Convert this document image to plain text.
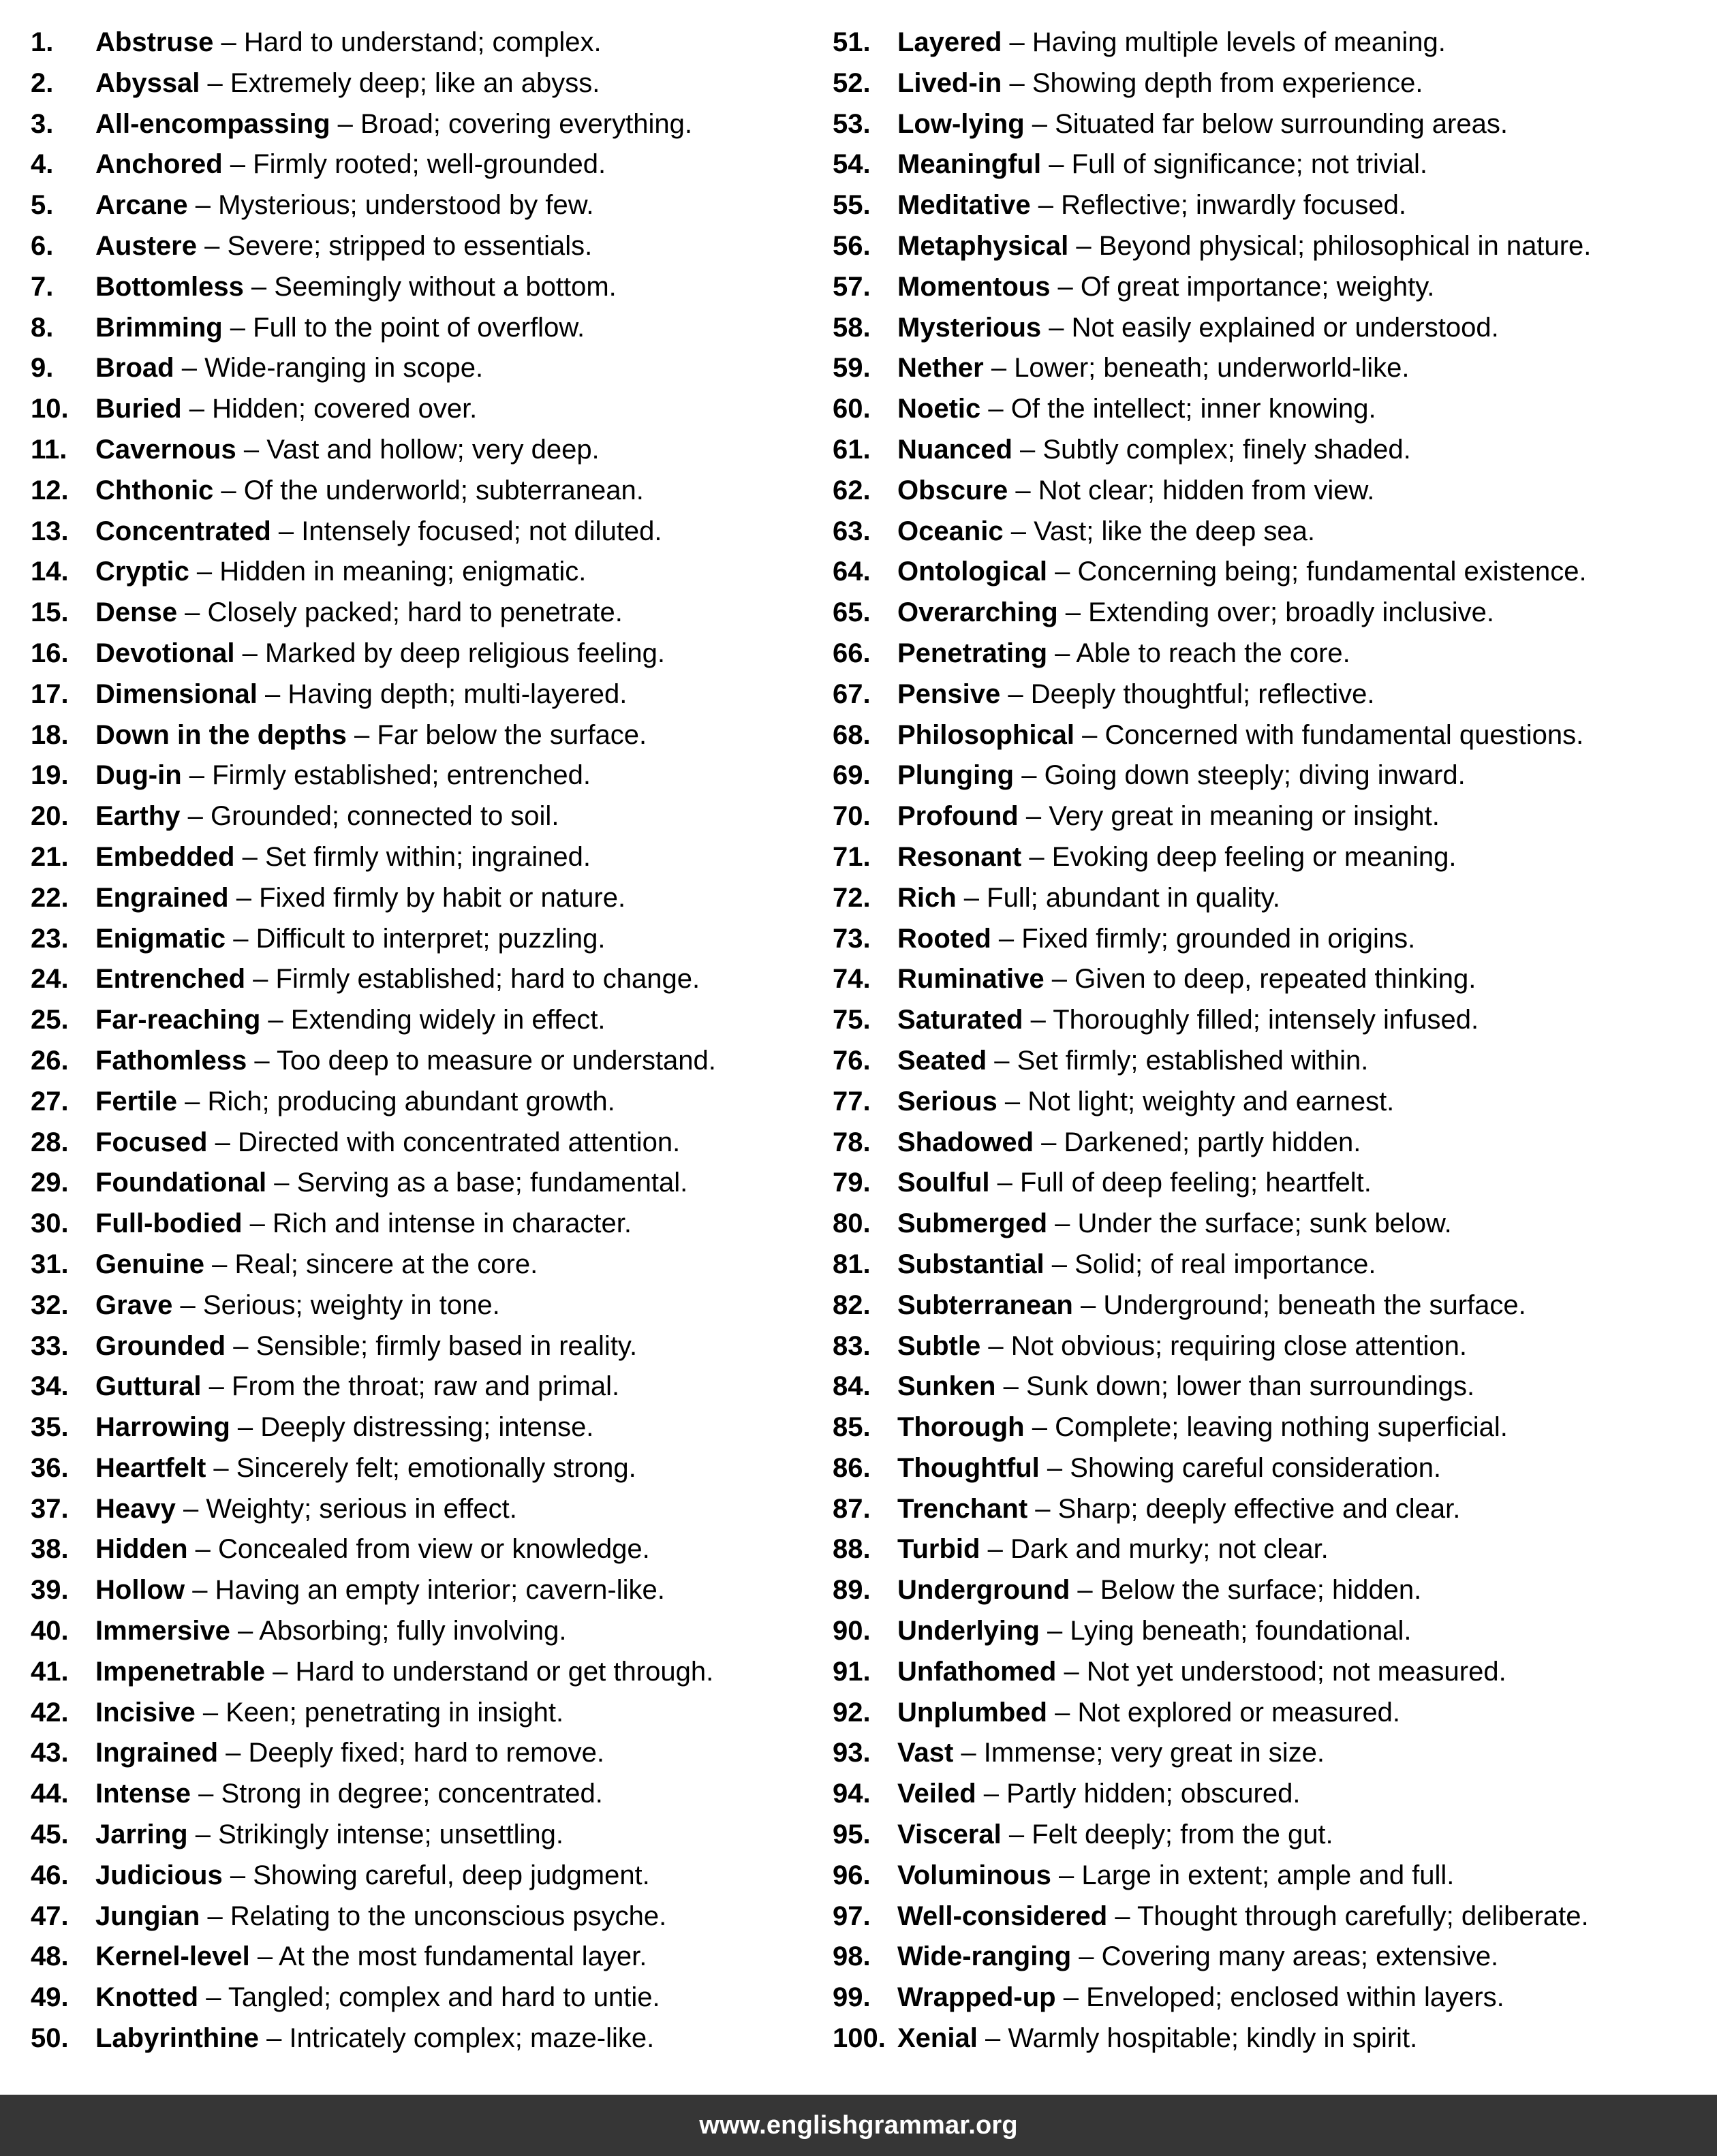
1.	Abstruse – Hard to understand; complex.
2.	Abyssal – Extremely deep; like an abyss.
3.	All-encompassing – Broad; covering everything.
4.	Anchored – Firmly rooted; well-grounded.
5.	Arcane – Mysterious; understood by few.
6.	Austere – Severe; stripped to essentials.
7.	Bottomless – Seemingly without a bottom.
8.	Brimming – Full to the point of overflow.
9.	Broad – Wide-ranging in scope.
10. Buried – Hidden; covered over.
11.	Cavernous – Vast and hollow; very deep.
12. Chthonic – Of the underworld; subterranean.
13. Concentrated – Intensely focused; not diluted.
14. Cryptic – Hidden in meaning; enigmatic.
15. Dense – Closely packed; hard to penetrate.
16. Devotional – Marked by deep religious feeling.
17. Dimensional – Having depth; multi-layered.
18. Down in the depths – Far below the surface.
19. Dug-in – Firmly established; entrenched.
20. Earthy – Grounded; connected to soil.
21. Embedded – Set firmly within; ingrained.
22. Engrained – Fixed firmly by habit or nature.
23. Enigmatic – Difficult to interpret; puzzling.
24. Entrenched – Firmly established; hard to change.
25. Far-reaching – Extending widely in effect.
26. Fathomless – Too deep to measure or understand.
27. Fertile – Rich; producing abundant growth.
28. Focused – Directed with concentrated attention.
29. Foundational – Serving as a base; fundamental.
30. Full-bodied – Rich and intense in character.
31. Genuine – Real; sincere at the core.
32. Grave – Serious; weighty in tone.
33. Grounded – Sensible; firmly based in reality.
34. Guttural – From the throat; raw and primal.
35. Harrowing – Deeply distressing; intense.
36. Heartfelt – Sincerely felt; emotionally strong.
37. Heavy – Weighty; serious in effect.
38. Hidden – Concealed from view or knowledge.
39. Hollow – Having an empty interior; cavern-like.
40. Immersive – Absorbing; fully involving.
41. Impenetrable – Hard to understand or get through.
42. Incisive – Keen; penetrating in insight.
43. Ingrained – Deeply fixed; hard to remove.
44. Intense – Strong in degree; concentrated.
45. Jarring – Strikingly intense; unsettling.
46. Judicious – Showing careful, deep judgment.
47. Jungian – Relating to the unconscious psyche.
48. Kernel-level – At the most fundamental layer.
49. Knotted – Tangled; complex and hard to untie.
50. Labyrinthine – Intricately complex; maze-like.
51. Layered – Having multiple levels of meaning.
52. Lived-in – Showing depth from experience.
53. Low-lying – Situated far below surrounding areas.
54. Meaningful – Full of significance; not trivial.
55. Meditative – Reflective; inwardly focused.
56. Metaphysical – Beyond physical; philosophical in nature.
57. Momentous – Of great importance; weighty.
58. Mysterious – Not easily explained or understood.
59. Nether – Lower; beneath; underworld-like.
60. Noetic – Of the intellect; inner knowing.
61. Nuanced – Subtly complex; finely shaded.
62. Obscure – Not clear; hidden from view.
63. Oceanic – Vast; like the deep sea.
64. Ontological – Concerning being; fundamental existence.
65. Overarching – Extending over; broadly inclusive.
66. Penetrating – Able to reach the core.
67. Pensive – Deeply thoughtful; reflective.
68. Philosophical – Concerned with fundamental questions.
69. Plunging – Going down steeply; diving inward.
70. Profound – Very great in meaning or insight.
71. Resonant – Evoking deep feeling or meaning.
72. Rich – Full; abundant in quality.
73. Rooted – Fixed firmly; grounded in origins.
74. Ruminative – Given to deep, repeated thinking.
75. Saturated – Thoroughly filled; intensely infused.
76. Seated – Set firmly; established within.
77. Serious – Not light; weighty and earnest.
78. Shadowed – Darkened; partly hidden.
79. Soulful – Full of deep feeling; heartfelt.
80. Submerged – Under the surface; sunk below.
81. Substantial – Solid; of real importance.
82. Subterranean – Underground; beneath the surface.
83. Subtle – Not obvious; requiring close attention.
84. Sunken – Sunk down; lower than surroundings.
85. Thorough – Complete; leaving nothing superficial.
86. Thoughtful – Showing careful consideration.
87. Trenchant – Sharp; deeply effective and clear.
88. Turbid – Dark and murky; not clear.
89. Underground – Below the surface; hidden.
90. Underlying – Lying beneath; foundational.
91. Unfathomed – Not yet understood; not measured.
92. Unplumbed – Not explored or measured.
93. Vast – Immense; very great in size.
94. Veiled – Partly hidden; obscured.
95. Visceral – Felt deeply; from the gut.
96. Voluminous – Large in extent; ample and full.
97. Well-considered – Thought through carefully; deliberate.
98. Wide-ranging – Covering many areas; extensive.
99. Wrapped-up – Enveloped; enclosed within layers.
100. Xenial – Warmly hospitable; kindly in spirit.
www.englishgrammar.org
